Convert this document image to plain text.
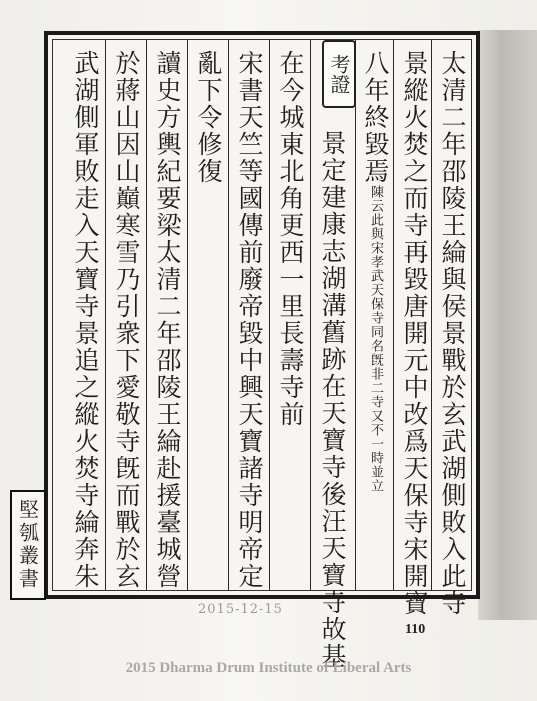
太清二年邵陵王綸與侯景戰於玄武湖側敗入此寺
景縱火焚之而寺再毀唐開元中改爲天保寺宋開寶
八年終毀焉陳云此與宋孝武天保寺同名旣非二寺又不一時並立
景定建康志湖溝舊跡在天寶寺後汪天寶寺故基
在今城東北角更西一里長壽寺前
宋書天竺等國傳前廢帝毀中興天寶諸寺明帝定
亂下令修復
讀史方輿紀要梁太清二年邵陵王綸赴援臺城營
於蔣山因山巔寒雪乃引衆下愛敬寺旣而戰於玄
武湖側軍敗走入天寶寺景追之縱火焚寺綸奔朱	考證
堅瓠叢書
2015-12-15
110
2015 Dharma Drum Institute of Liberal Arts
